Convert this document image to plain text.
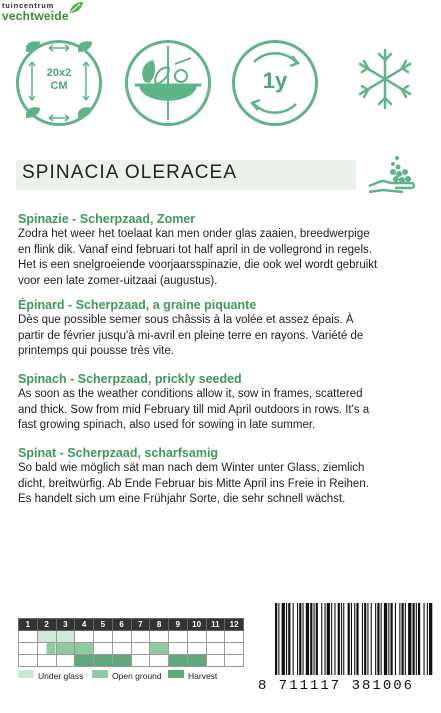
tuincentrum
vechtweide
20x2
CM	1y
SPINACIA OLERACEA
Spinazie - Scherpzaad, Zomer
Zodra het weer het toelaat kan men onder glas zaaien, breedwerpige
en flink dik. Vanaf eind februari tot half april in de vollegrond in regels.
Het is een snelgroeiende voorjaarsspinazie, die ook wel wordt gebruikt
voor een late zomer-uitzaai (augustus).
Épinard - Scherpzaad, a graine piquante
Dès que possible semer sous châssis à la volée et assez épais. À
partir de février jusqu'à mi-avril en pleine terre en rayons. Variété de
printemps qui pousse très vite.
Spinach - Scherpzaad, prickly seeded
As soon as the weather conditions allow it, sow in frames, scattered
and thick. Sow from mid February till mid April outdoors in rows. It's a
fast growing spinach, also used for sowing in late summer.
Spinat - Scherpzaad, scharfsamig
So bald wie möglich sät man nach dem Winter unter Glass, ziemlich
dicht, breitwürfig. Ab Ende Februar bis Mitte April ins Freie in Reihen.
Es handelt sich um eine Frühjahr Sorte, die sehr schnell wächst.
1	2	3	4	5	6	7	8	9	10	11	12

Under glass	Open ground	Harvest
8 711117 381006
